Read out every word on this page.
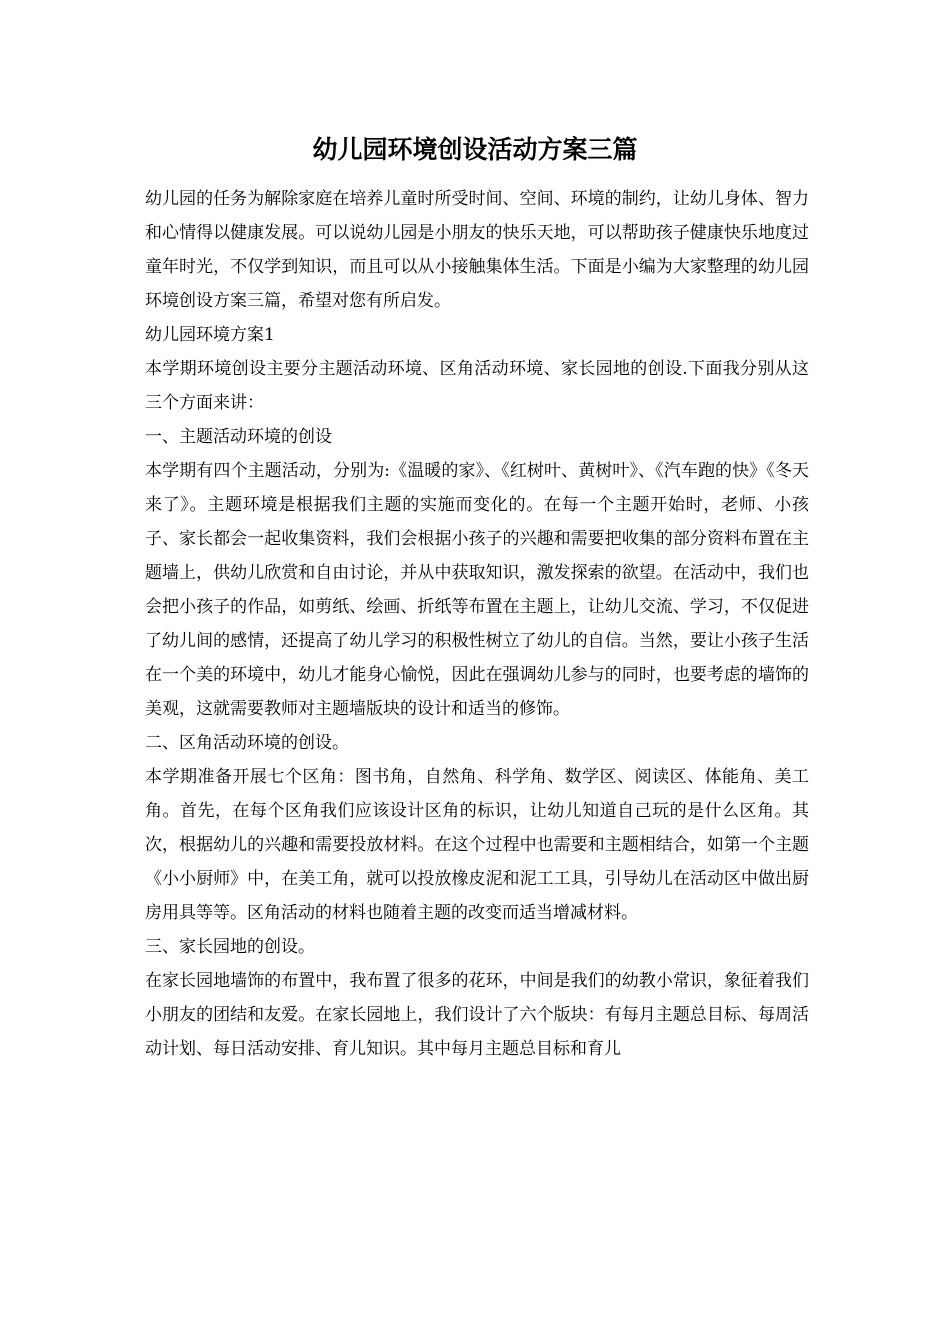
幼儿园环境创设活动方案三篇

幼儿园的任务为解除家庭在培养儿童时所受时间、空间、环境的制约，让幼儿身体、智力和心情得以健康发展。可以说幼儿园是小朋友的快乐天地，可以帮助孩子健康快乐地度过童年时光，不仅学到知识，而且可以从小接触集体生活。下面是小编为大家整理的幼儿园环境创设方案三篇，希望对您有所启发。

幼儿园环境方案1

本学期环境创设主要分主题活动环境、区角活动环境、家长园地的创设.下面我分别从这三个方面来讲：

一、主题活动环境的创设

本学期有四个主题活动，分别为:《温暖的家》、《红树叶、黄树叶》、《汽车跑的快》《冬天来了》。主题环境是根据我们主题的实施而变化的。在每一个主题开始时，老师、小孩子、家长都会一起收集资料，我们会根据小孩子的兴趣和需要把收集的部分资料布置在主题墙上，供幼儿欣赏和自由讨论，并从中获取知识，激发探索的欲望。在活动中，我们也会把小孩子的作品，如剪纸、绘画、折纸等布置在主题上，让幼儿交流、学习，不仅促进了幼儿间的感情，还提高了幼儿学习的积极性树立了幼儿的自信。当然，要让小孩子生活在一个美的环境中，幼儿才能身心愉悦，因此在强调幼儿参与的同时，也要考虑的墙饰的美观，这就需要教师对主题墙版块的设计和适当的修饰。

二、区角活动环境的创设。

本学期准备开展七个区角：图书角，自然角、科学角、数学区、阅读区、体能角、美工角。首先，在每个区角我们应该设计区角的标识，让幼儿知道自己玩的是什么区角。其次，根据幼儿的兴趣和需要投放材料。在这个过程中也需要和主题相结合，如第一个主题《小小厨师》中，在美工角，就可以投放橡皮泥和泥工工具，引导幼儿在活动区中做出厨房用具等等。区角活动的材料也随着主题的改变而适当增减材料。

三、家长园地的创设。

在家长园地墙饰的布置中，我布置了很多的花环，中间是我们的幼教小常识，象征着我们小朋友的团结和友爱。在家长园地上，我们设计了六个版块：有每月主题总目标、每周活动计划、每日活动安排、育儿知识。其中每月主题总目标和育儿
